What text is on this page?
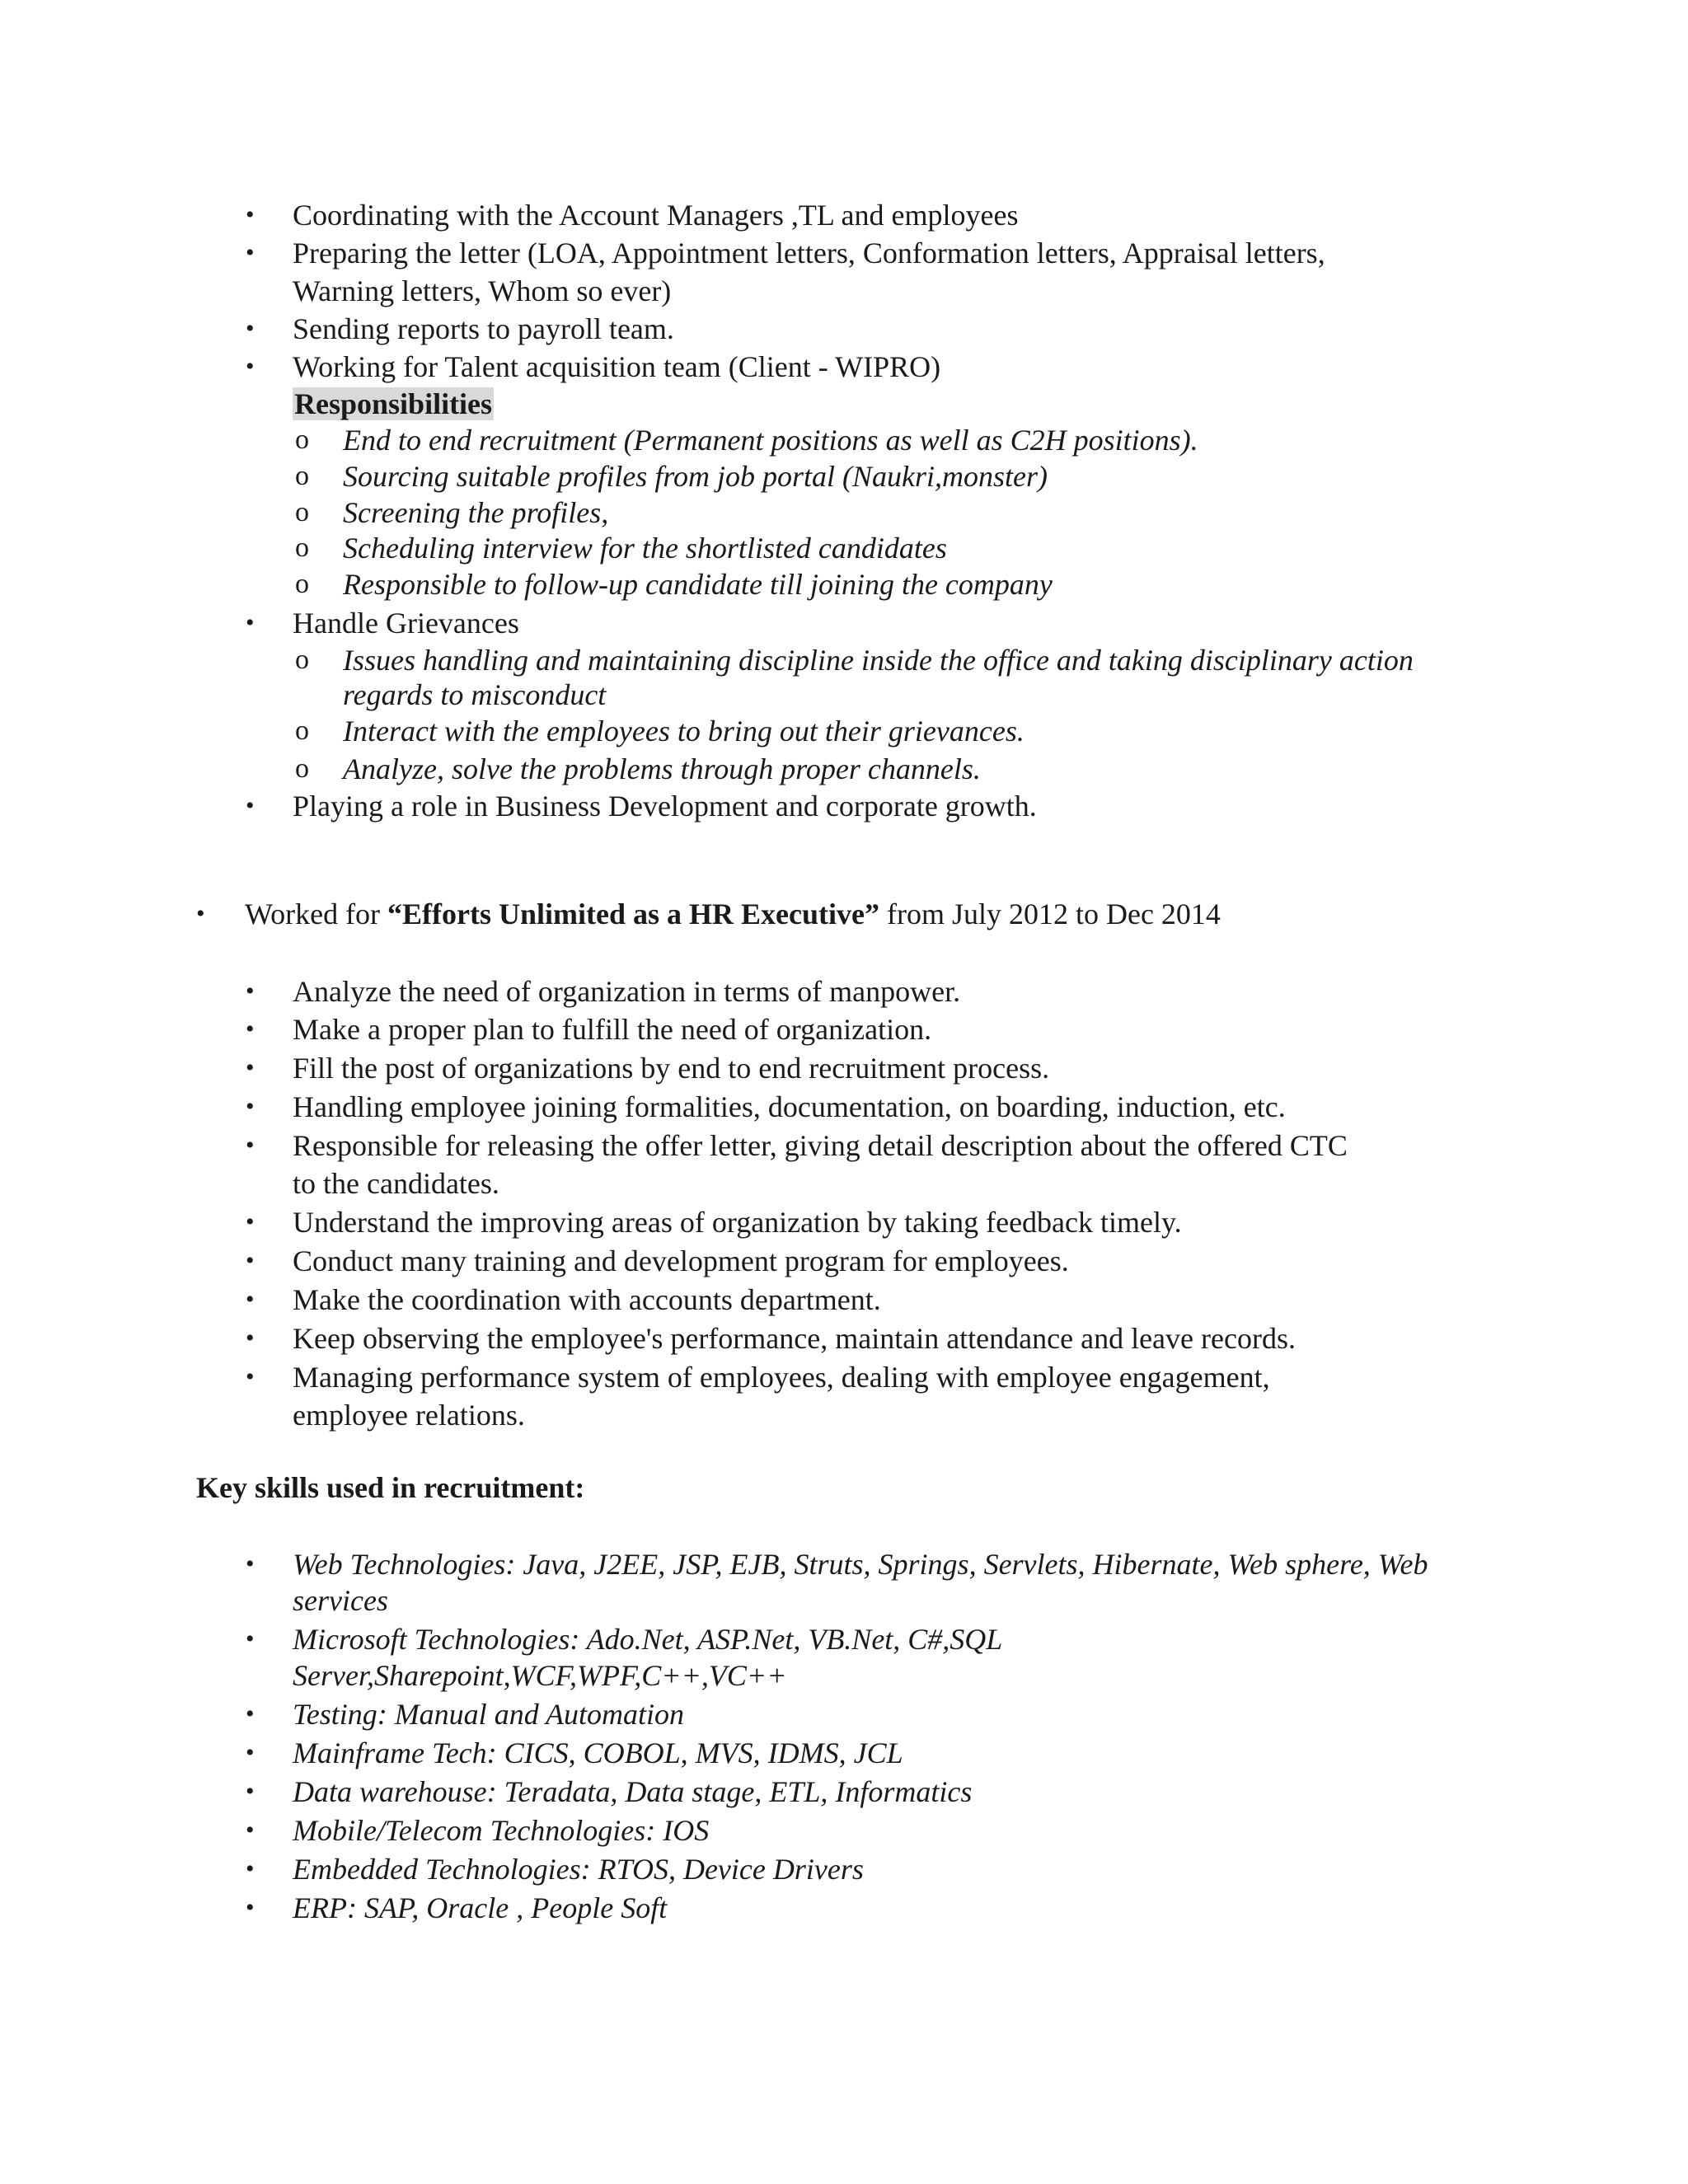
• Coordinating with the Account Managers ,TL and employees
• Preparing the letter (LOA, Appointment letters, Conformation letters, Appraisal letters,
Warning letters, Whom so ever)
• Sending reports to payroll team.
• Working for Talent acquisition team (Client - WIPRO)
Responsibilities
o End to end recruitment (Permanent positions as well as C2H positions).
o Sourcing suitable profiles from job portal (Naukri,monster)
o Screening the profiles,
o Scheduling interview for the shortlisted candidates
o Responsible to follow-up candidate till joining the company
• Handle Grievances
o Issues handling and maintaining discipline inside the office and taking disciplinary action
regards to misconduct
o Interact with the employees to bring out their grievances.
o Analyze, solve the problems through proper channels.
• Playing a role in Business Development and corporate growth.
• Worked for “Efforts Unlimited as a HR Executive” from July 2012 to Dec 2014
• Analyze the need of organization in terms of manpower.
• Make a proper plan to fulfill the need of organization.
• Fill the post of organizations by end to end recruitment process.
• Handling employee joining formalities, documentation, on boarding, induction, etc.
• Responsible for releasing the offer letter, giving detail description about the offered CTC
to the candidates.
• Understand the improving areas of organization by taking feedback timely.
• Conduct many training and development program for employees.
• Make the coordination with accounts department.
• Keep observing the employee's performance, maintain attendance and leave records.
• Managing performance system of employees, dealing with employee engagement,
employee relations.
Key skills used in recruitment:
• Web Technologies: Java, J2EE, JSP, EJB, Struts, Springs, Servlets, Hibernate, Web sphere, Web
services
• Microsoft Technologies: Ado.Net, ASP.Net, VB.Net, C#,SQL
Server,Sharepoint,WCF,WPF,C++,VC++
• Testing: Manual and Automation
• Mainframe Tech: CICS, COBOL, MVS, IDMS, JCL
• Data warehouse: Teradata, Data stage, ETL, Informatics
• Mobile/Telecom Technologies: IOS
• Embedded Technologies: RTOS, Device Drivers
• ERP: SAP, Oracle , People Soft
